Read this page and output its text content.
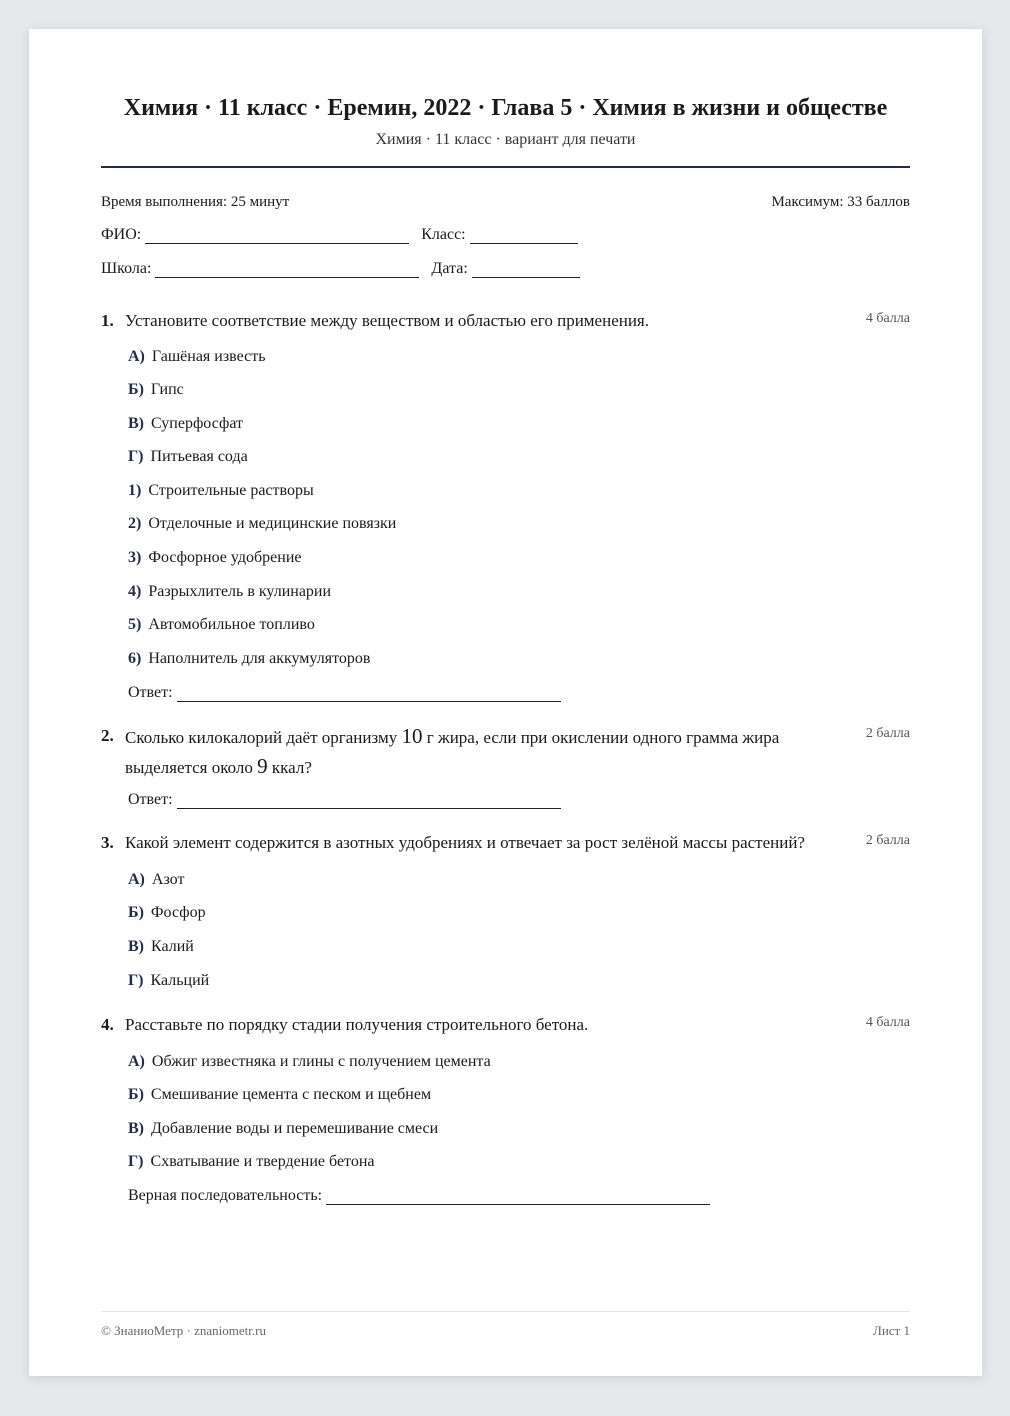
Химия · 11 класс · Еремин, 2022 · Глава 5 · Химия в жизни и обществе
Химия · 11 класс · вариант для печати
Время выполнения: 25 минут	Максимум: 33 баллов
ФИО:	Класс:
Школа:	Дата:
1. Установите соответствие между веществом и областью его применения.	4 балла
А) Гашёная известь
Б) Гипс
В) Суперфосфат
Г) Питьевая сода
1) Строительные растворы
2) Отделочные и медицинские повязки
3) Фосфорное удобрение
4) Разрыхлитель в кулинарии
5) Автомобильное топливо
6) Наполнитель для аккумуляторов
Ответ:
2. Сколько килокалорий даёт организму 10 г жира, если при окислении одного грамма жира выделяется около 9 ккал?
2 балла
Ответ:
3. Какой элемент содержится в азотных удобрениях и отвечает за рост зелёной массы растений?	2 балла
А) Азот
Б) Фосфор
В) Калий
Г) Кальций
4. Расставьте по порядку стадии получения строительного бетона.	4 балла
А) Обжиг известняка и глины с получением цемента
Б) Смешивание цемента с песком и щебнем
В) Добавление воды и перемешивание смеси
Г) Схватывание и твердение бетона
Верная последовательность:
© ЗнаниоМетр · znaniometr.ru	Лист 1
